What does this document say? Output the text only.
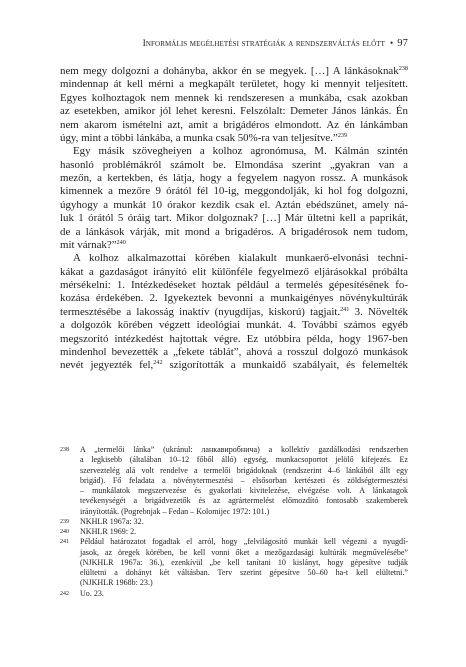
Informális megélhetési stratégiák a rendszerváltás előtt • 97

nem megy dolgozni a dohányba, akkor én se megyek. […] A lánkásoknak$^{238}$

mindennap át kell mérni a megkapált területet, hogy ki mennyit teljesített.

Egyes kolhoztagok nem mennek ki rendszeresen a munkába, csak azokban

az esetekben, amikor jól lehet keresni. Felszólalt: Demeter János lánkás. Én

nem akarom ismételni azt, amit a brigádéros elmondott. Az én lánkámban

úgy, mint a többi lánkába, a munka csak 50%-ra van teljesítve.”$^{239}$

Egy másik szövegheiyen a kolhoz agronómusa, M. Kálmán szintén

hasonló problémákról számolt be. Elmondása szerint „gyakran van a

mezőn, a kertekben, és látja, hogy a fegyelem nagyon rossz. A munkások

kimennek a mezőre 9 órától fél 10-ig, meggondolják, ki hol fog dolgozni,

úgyhogy a munkát 10 órakor kezdik csak el. Aztán ebédszünet, amely ná-

luk 1 órától 5 óráig tart. Mikor dolgoznak? […] Már ültetni kell a paprikát,

de a lánkások várják, mit mond a brigadéros. A brigadérosok nem tudom,

mit várnak?”$^{240}$

A kolhoz alkalmazottai körében kialakult munkaerő-elvonási techni-

kákat a gazdaságot irányító elit különféle fegyelmező eljárásokkal próbálta

mérsékelni: 1. Intézkedéseket hoztak például a termelés gépesítésének fo-

kozása érdekében. 2. Igyekeztek bevonni a munkaigényes növénykultúrák

termesztésébe a lakosság inaktív (nyugdíjas, kiskorú) tagjait.$^{241}$ 3. Növelték

a dolgozók körében végzett ideológiai munkát. 4. További számos egyéb

megszorító intézkedést hajtottak végre. Ez utóbbira példa, hogy 1967-ben

mindenhol bevezették a „fekete táblát”, ahová a rosszul dolgozó munkások

nevét jegyezték fel,$^{242}$ szigorították a munkaidő szabályait, és felemelték

238	A „termelői lánka” (ukránul: ланкавиробнича) a kollektív gazdálkodási rendszerben
a legkisebb (általában 10–12 főből álló) egység, munkacsoportot jelölő kifejezés. Ez
szerveztelég alá volt rendelve a termelői brigádoknak (rendszerint 4–6 lánkából állt egy
brigád). Fő feladata a növénytermesztési – elsősorban kertészeti és zöldségtermesztési
– munkálatok megszervezése és gyakorlati kivitelezése, elvégzése volt. A lánkatagok
tevékenységét a brigádvezetők és az agrártermelést előmozdító fontosabb szakemberek
irányították. (Pogrebnjak – Fedan – Kolomijec 1972: 101.)
239	NKHLR 1967a: 32.
240	NKHLR 1969: 2.
241	Például határozatot fogadtak el arról, hogy „felvilágosító munkát kell végezni a nyugdí-
jasok, az öregek körében, be kell vonni őket a mezőgazdasági kultúrák megművelésébe”
(NJKHLR 1967a: 36.), ezenkívül „be kell tanítani 10 kislányt, hogy gépesítve tudják
elültetni a dohányt két váltásban. Terv szerint gépesítve 50–60 ha-t kell elültetni.”
(NJKHLR 1968b: 23.)
242	Uo. 23.
